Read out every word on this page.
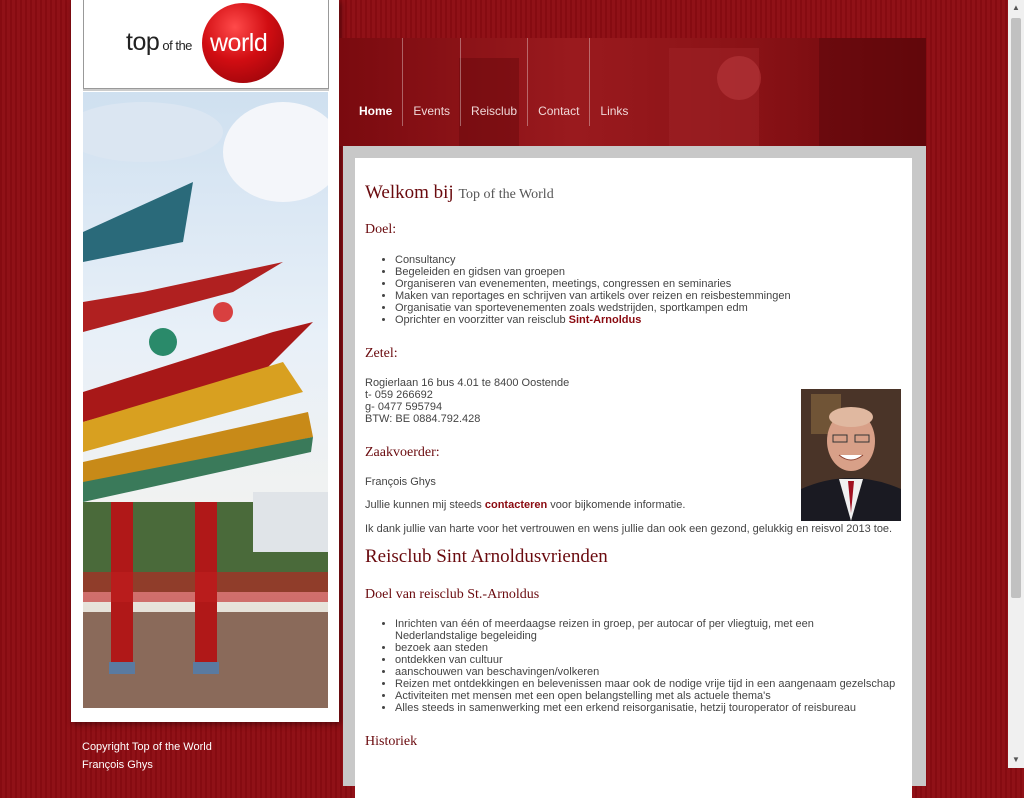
top of the world
Copyright Top of the World
François Ghys
Home	Events	Reisclub	Contact	Links
Welkom bij Top of the World
Doel:
• Consultancy
• Begeleiden en gidsen van groepen
• Organiseren van evenementen, meetings, congressen en seminaries
• Maken van reportages en schrijven van artikels over reizen en reisbestemmingen
• Organisatie van sportevenementen zoals wedstrijden, sportkampen edm
• Oprichter en voorzitter van reisclub Sint-Arnoldus
Zetel:
Rogierlaan 16 bus 4.01 te 8400 Oostende
t- 059 266692
g- 0477 595794
BTW: BE 0884.792.428
Zaakvoerder:
François Ghys
Jullie kunnen mij steeds contacteren voor bijkomende informatie.
Ik dank jullie van harte voor het vertrouwen en wens jullie dan ook een gezond, gelukkig en reisvol 2013 toe.
Reisclub Sint Arnoldusvrienden
Doel van reisclub St.-Arnoldus
• Inrichten van één of meerdaagse reizen in groep, per autocar of per vliegtuig, met een
Nederlandstalige begeleiding
• bezoek aan steden
• ontdekken van cultuur
• aanschouwen van beschavingen/volkeren
• Reizen met ontdekkingen en belevenissen maar ook de nodige vrije tijd in een aangenaam gezelschap
• Activiteiten met mensen met een open belangstelling met als actuele thema's
• Alles steeds in samenwerking met een erkend reisorganisatie, hetzij touroperator of reisbureau
Historiek
▲
▼
